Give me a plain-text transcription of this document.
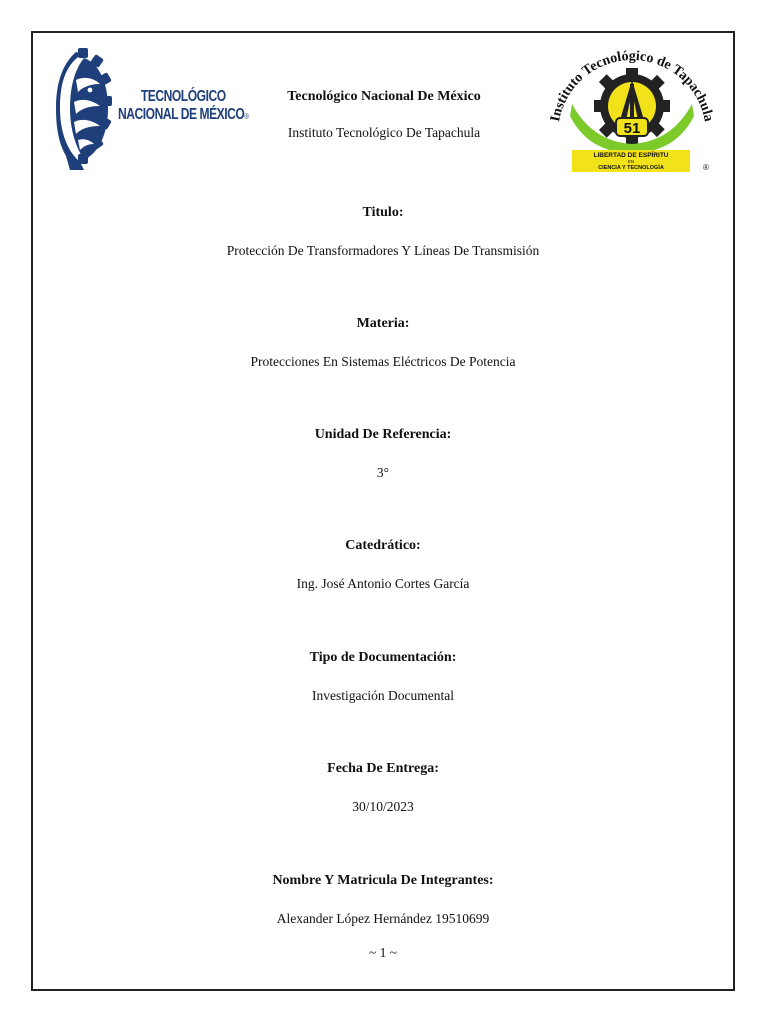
TECNOLÓGICO
NACIONAL DE MÉXICO®

Tecnológico Nacional De México

Instituto Tecnológico De Tapachula

Instituto Tecnológico de Tapachula
51
LIBERTAD DE ESPÍRITU
EN
CIENCIA Y TECNOLOGÍA	®

Titulo:

Protección De Transformadores Y Líneas De Transmisión

Materia:

Protecciones En Sistemas Eléctricos De Potencia

Unidad De Referencia:

3°

Catedrático:

Ing. José Antonio Cortes García

Tipo de Documentación:

Investigación Documental

Fecha De Entrega:

30/10/2023

Nombre Y Matricula De Integrantes:

Alexander López Hernández 19510699

~ 1 ~
